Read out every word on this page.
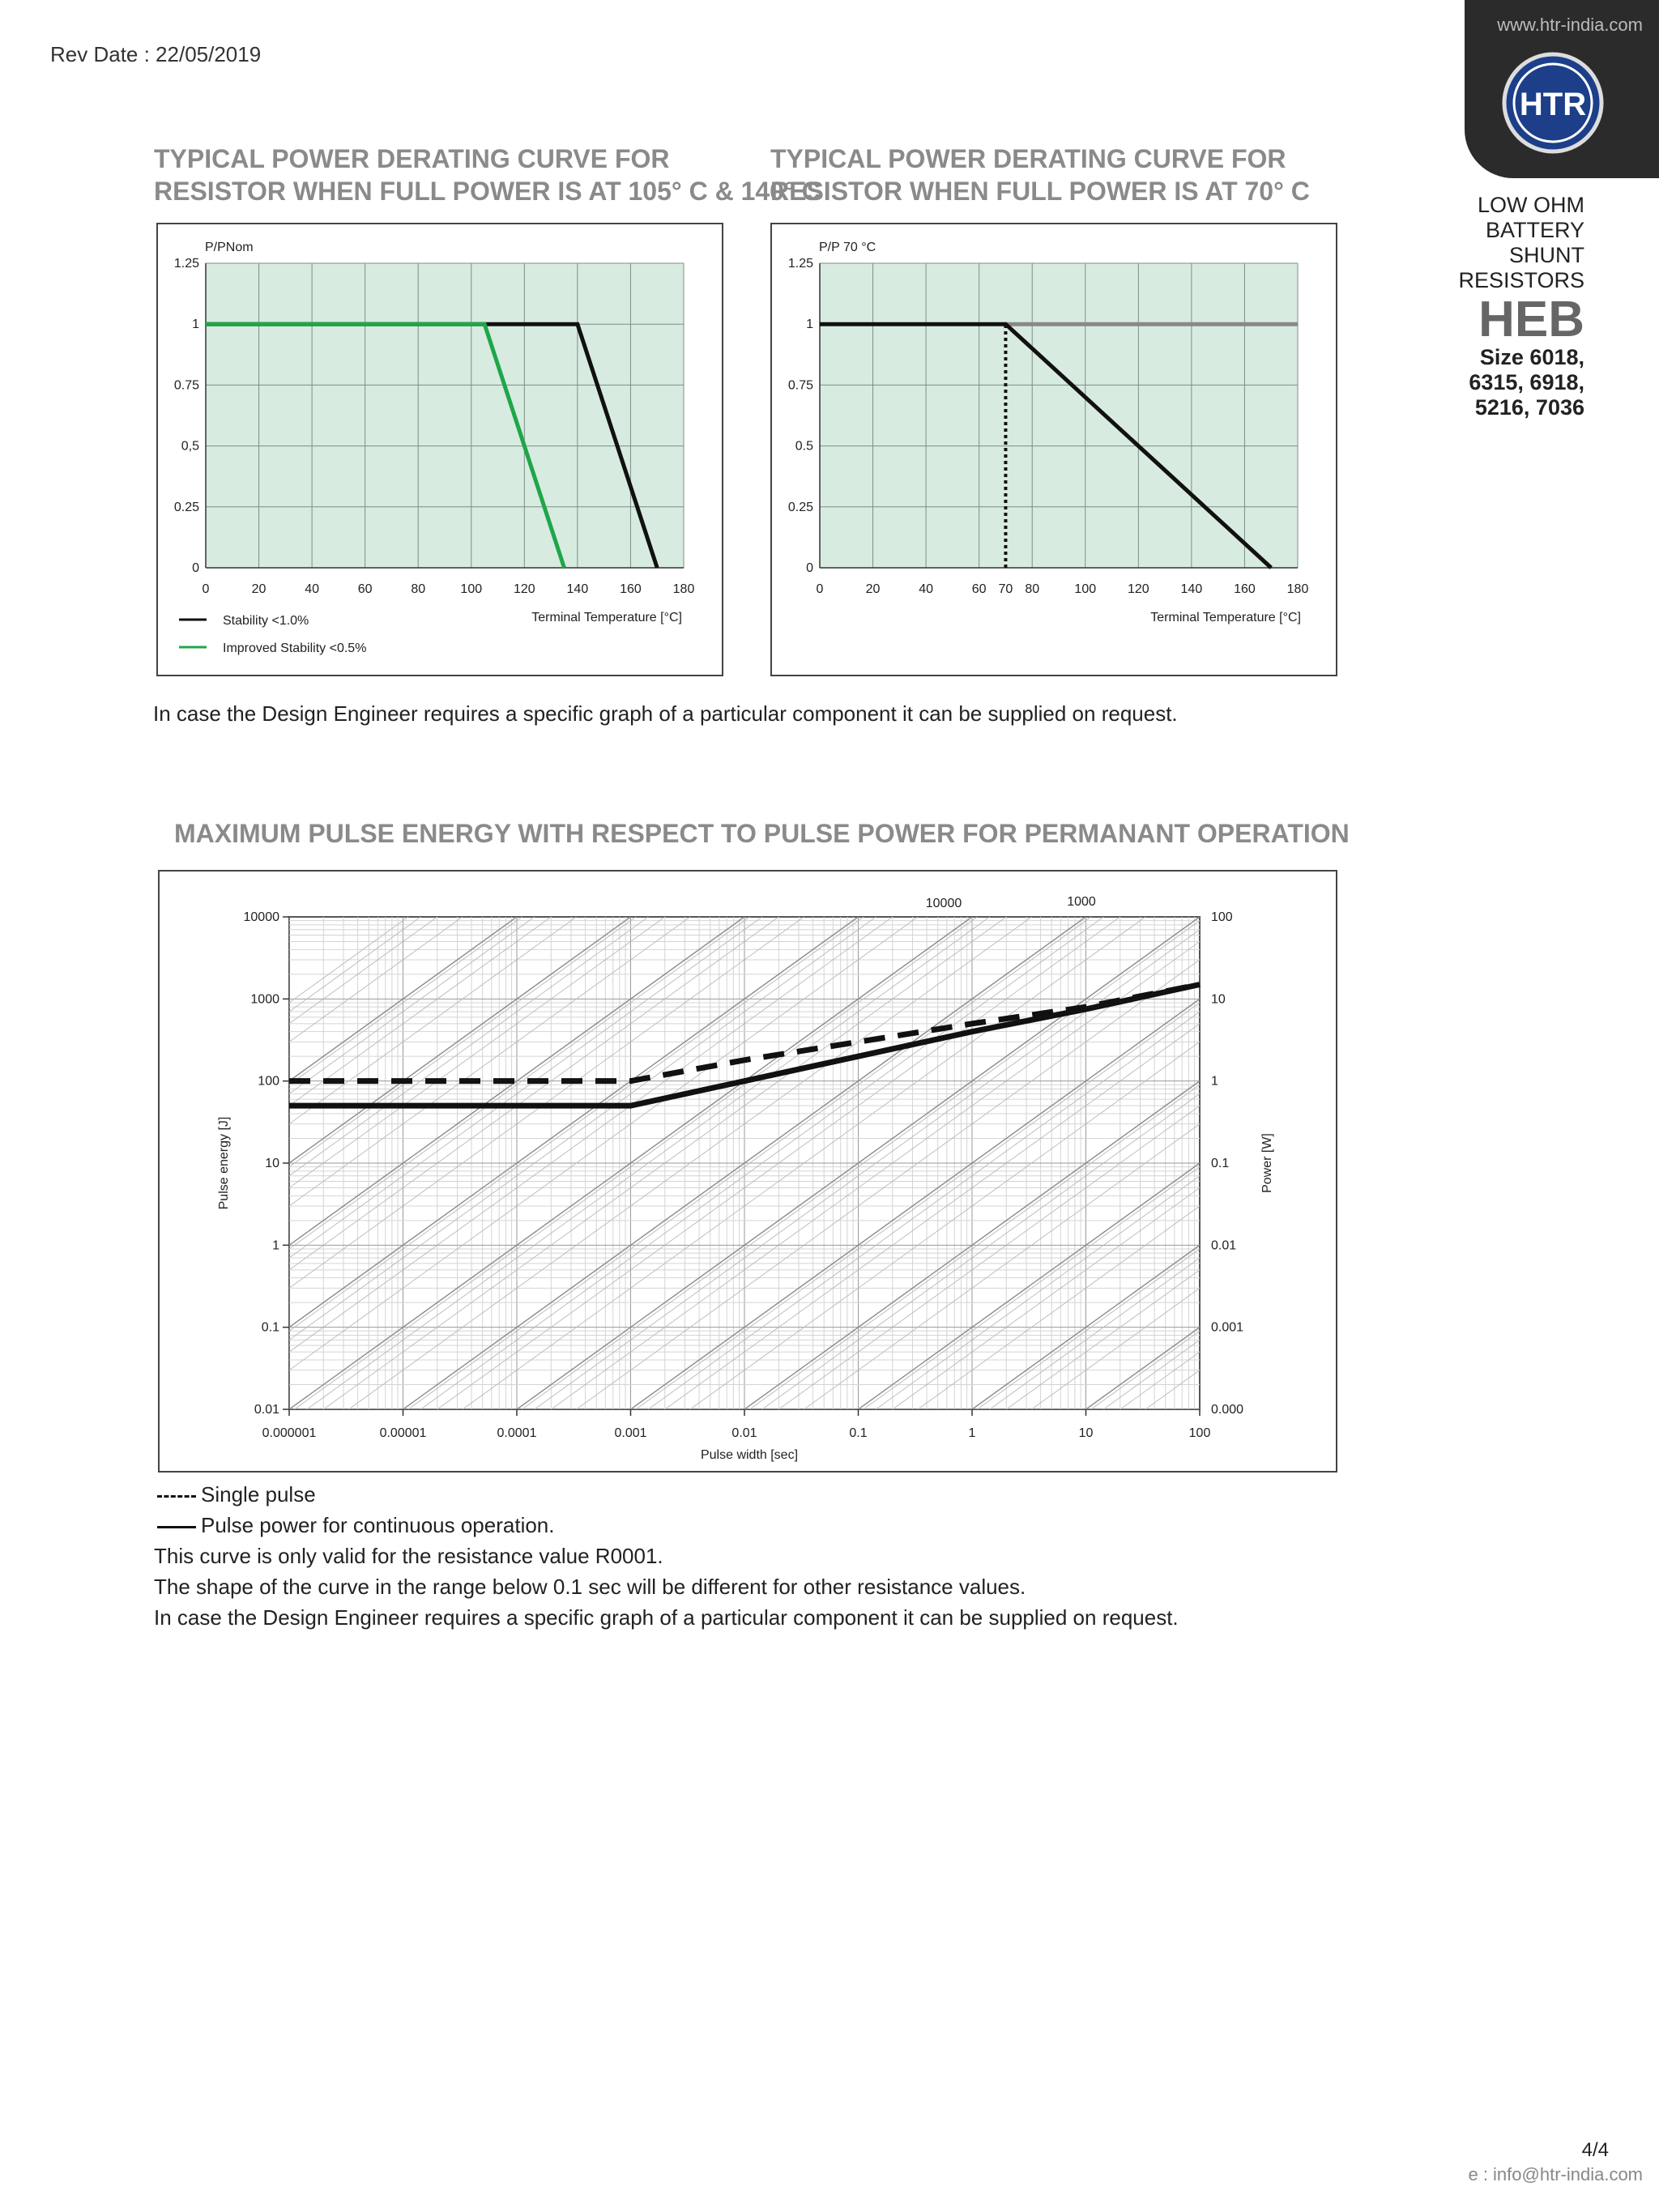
Rev Date : 22/05/2019
www.htr-india.com
HTR
LOW OHM
BATTERY
SHUNT
RESISTORS
HEB
Size 6018,
6315, 6918,
5216, 7036
TYPICAL POWER DERATING CURVE FOR
RESISTOR WHEN FULL POWER IS AT 105° C & 140° C
TYPICAL POWER DERATING CURVE FOR
RESISTOR WHEN FULL POWER IS AT 70° C
P/PNom
0	20	40	60	80	100 120 140 160 180
0
0.25
0,5
0.75
1
1.25
Terminal Temperature [°C]
Stability <1.0%
Improved Stability <0.5%
P/P 70 °C
0	20	40	60 70 80	100 120 140 160 180
0
0.25
0.5
0.75
1
1.25
Terminal Temperature [°C]
In case the Design Engineer requires a specific graph of a particular component it can be supplied on request.
MAXIMUM PULSE ENERGY WITH RESPECT TO PULSE POWER FOR PERMANANT OPERATION
0.000001	0.00001	0.0001	0.001	0.01	0.1	1	10	100
0.01
0.1
1
10
100
1000
10000
0.000
0.001
0.01
0.1
1
10
100
Pulse width [sec]
Pulse energy [J]	Power [W]
10000	1000
Single pulse
Pulse power for continuous operation.
This curve is only valid for the resistance value R0001.
The shape of the curve in the range below 0.1 sec will be different for other resistance values.
In case the Design Engineer requires a specific graph of a particular component it can be supplied on request.
4/4
e : info@htr-india.com
